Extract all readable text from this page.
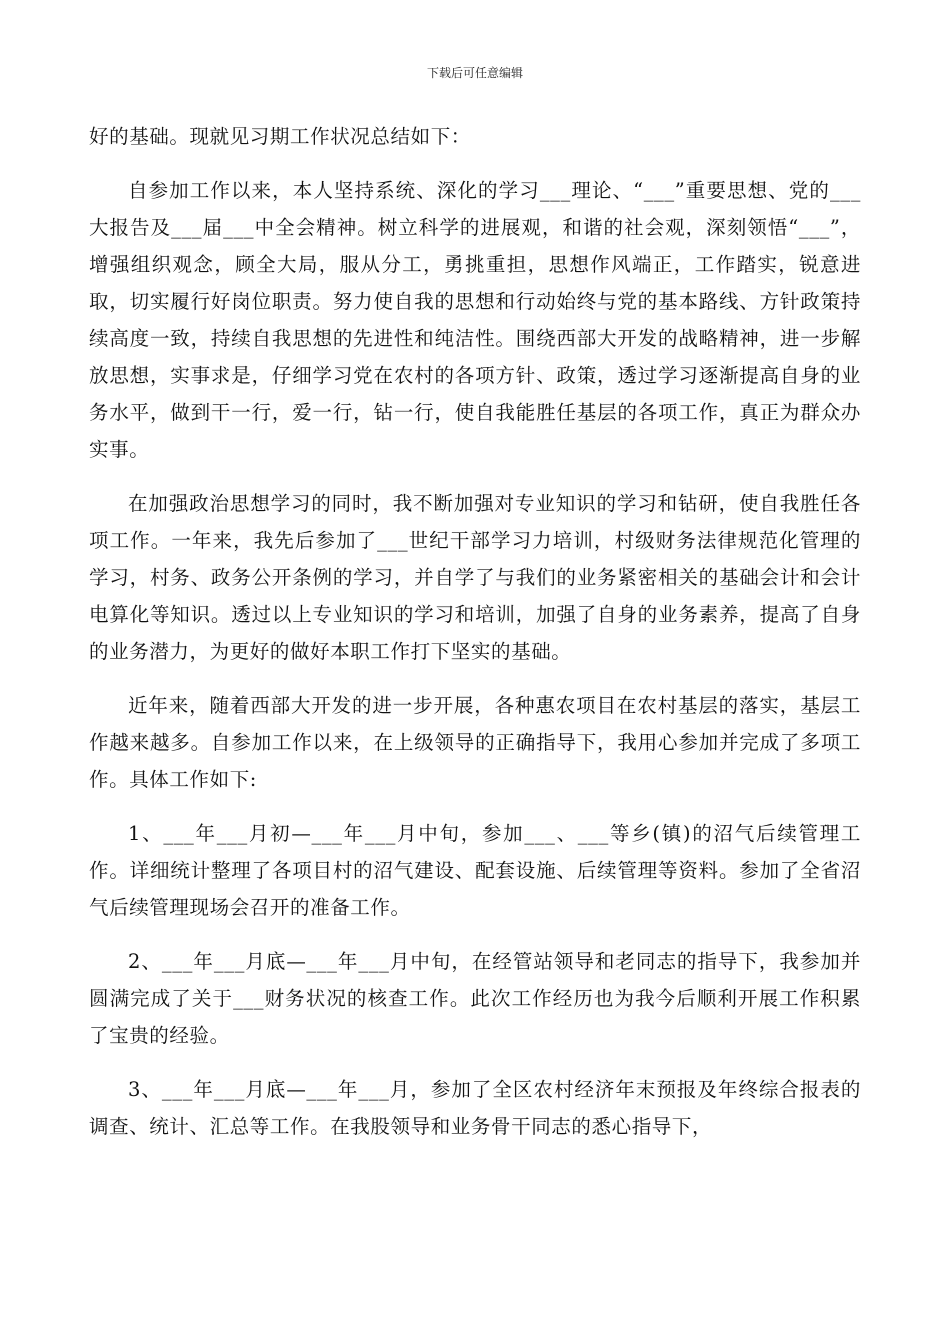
下载后可任意编辑

好的基础。现就见习期工作状况总结如下：

自参加工作以来，本人坚持系统、深化的学习___理论、“___”重要思想、党的___大报告及___届___中全会精神。树立科学的进展观，和谐的社会观，深刻领悟“___”，增强组织观念，顾全大局，服从分工，勇挑重担，思想作风端正，工作踏实，锐意进取，切实履行好岗位职责。努力使自我的思想和行动始终与党的基本路线、方针政策持续高度一致，持续自我思想的先进性和纯洁性。围绕西部大开发的战略精神，进一步解放思想，实事求是，仔细学习党在农村的各项方针、政策，透过学习逐渐提高自身的业务水平，做到干一行，爱一行，钻一行，使自我能胜任基层的各项工作，真正为群众办实事。

在加强政治思想学习的同时，我不断加强对专业知识的学习和钻研，使自我胜任各项工作。一年来，我先后参加了___世纪干部学习力培训，村级财务法律规范化管理的学习，村务、政务公开条例的学习，并自学了与我们的业务紧密相关的基础会计和会计电算化等知识。透过以上专业知识的学习和培训，加强了自身的业务素养，提高了自身的业务潜力，为更好的做好本职工作打下坚实的基础。

近年来，随着西部大开发的进一步开展，各种惠农项目在农村基层的落实，基层工作越来越多。自参加工作以来，在上级领导的正确指导下，我用心参加并完成了多项工作。具体工作如下:

1、___年___月初—___年___月中旬，参加___、___等乡(镇)的沼气后续管理工作。详细统计整理了各项目村的沼气建设、配套设施、后续管理等资料。参加了全省沼气后续管理现场会召开的准备工作。

2、___年___月底—___年___月中旬，在经管站领导和老同志的指导下，我参加并圆满完成了关于___财务状况的核查工作。此次工作经历也为我今后顺利开展工作积累了宝贵的经验。

3、___年___月底—___年___月，参加了全区农村经济年末预报及年终综合报表的调查、统计、汇总等工作。在我股领导和业务骨干同志的悉心指导下，
